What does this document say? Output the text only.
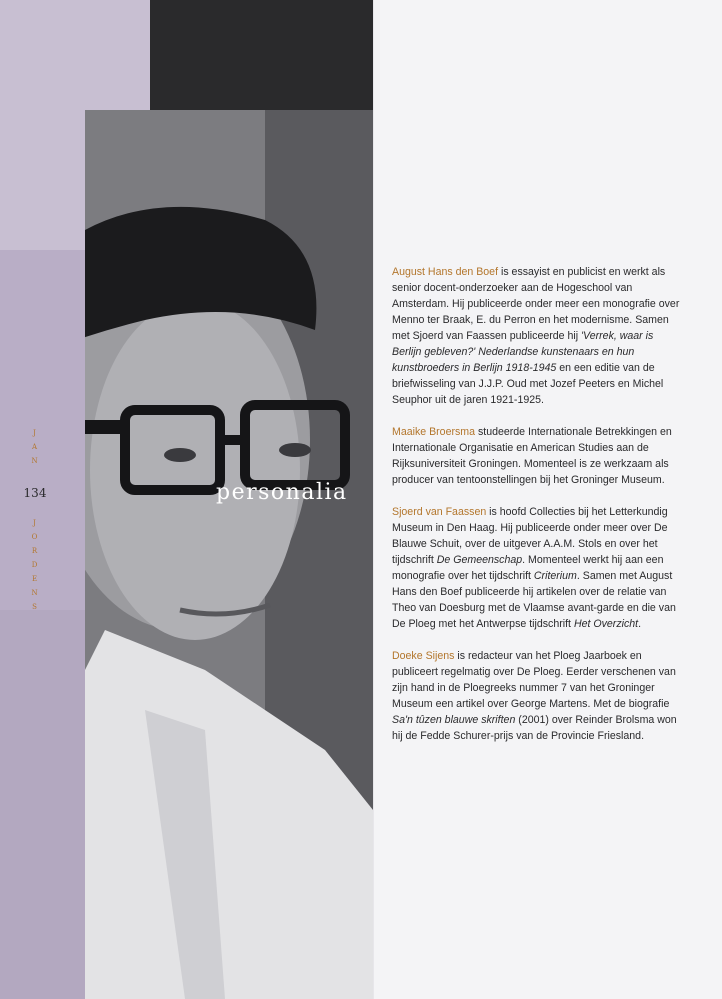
J
A
N
134
J
O
R
D
E
N
S
personalia

August Hans den Boef is essayist en publicist en werkt als senior docent-onderzoeker aan de Hogeschool van Amsterdam. Hij publiceerde onder meer een monografie over Menno ter Braak, E. du Perron en het modernisme. Samen met Sjoerd van Faassen publiceerde hij 'Verrek, waar is Berlijn gebleven?' Nederlandse kunstenaars en hun kunstbroeders in Berlijn 1918-1945 en een editie van de briefwisseling van J.J.P. Oud met Jozef Peeters en Michel Seuphor uit de jaren 1921-1925.

Maaike Broersma studeerde Internationale Betrekkingen en Internationale Organisatie en American Studies aan de Rijksuniversiteit Groningen. Momenteel is ze werkzaam als producer van tentoonstellingen bij het Groninger Museum.

Sjoerd van Faassen is hoofd Collecties bij het Letterkundig Museum in Den Haag. Hij publiceerde onder meer over De Blauwe Schuit, over de uitgever A.A.M. Stols en over het tijdschrift De Gemeenschap. Momenteel werkt hij aan een monografie over het tijdschrift Criterium. Samen met August Hans den Boef publiceerde hij artikelen over de relatie van Theo van Doesburg met de Vlaamse avant-garde en die van De Ploeg met het Antwerpse tijdschrift Het Overzicht.

Doeke Sijens is redacteur van het Ploeg Jaarboek en publiceert regelmatig over De Ploeg. Eerder verschenen van zijn hand in de Ploegreeks nummer 7 van het Groninger Museum een artikel over George Martens. Met de biografie Sa'n tûzen blauwe skriften (2001) over Reinder Brolsma won hij de Fedde Schurer-prijs van de Provincie Friesland.
